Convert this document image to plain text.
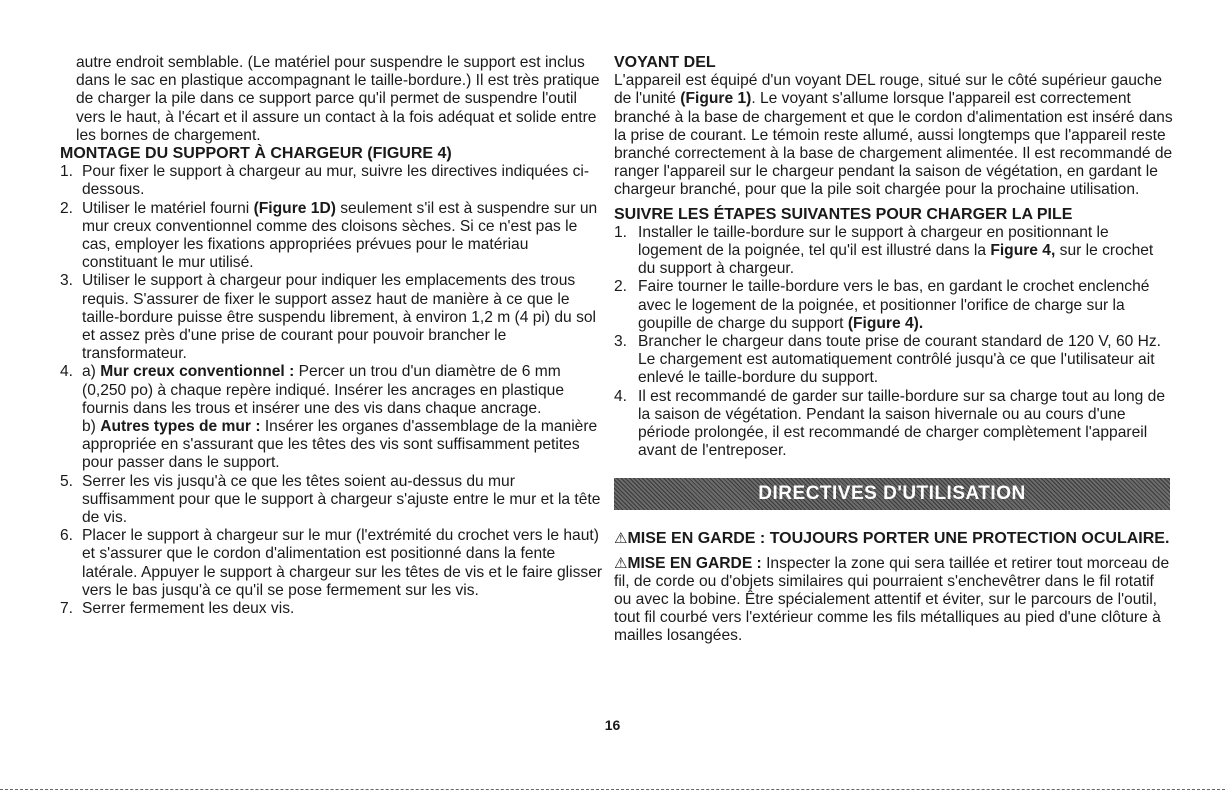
autre endroit semblable. (Le matériel pour suspendre le support est inclus dans le sac en plastique accompagnant le taille-bordure.) Il est très pratique de charger la pile dans ce support parce qu'il permet de suspendre l'outil vers le haut, à l'écart et il assure un contact à la fois adéquat et solide entre les bornes de chargement.

MONTAGE DU SUPPORT À CHARGEUR (FIGURE 4)

1. Pour fixer le support à chargeur au mur, suivre les directives indiquées ci-dessous.
2. Utiliser le matériel fourni (Figure 1D) seulement s'il est à suspendre sur un mur creux conventionnel comme des cloisons sèches. Si ce n'est pas le cas, employer les fixations appropriées prévues pour le matériau constituant le mur utilisé.
3. Utiliser le support à chargeur pour indiquer les emplacements des trous requis. S'assurer de fixer le support assez haut de manière à ce que le taille-bordure puisse être suspendu librement, à environ 1,2 m (4 pi) du sol et assez près d'une prise de courant pour pouvoir brancher le transformateur.
4. a) Mur creux conventionnel : Percer un trou d'un diamètre de 6 mm (0,250 po) à chaque repère indiqué. Insérer les ancrages en plastique fournis dans les trous et insérer une des vis dans chaque ancrage.
b) Autres types de mur : Insérer les organes d'assemblage de la manière appropriée en s'assurant que les têtes des vis sont suffisamment petites pour passer dans le support.
5. Serrer les vis jusqu'à ce que les têtes soient au-dessus du mur suffisamment pour que le support à chargeur s'ajuste entre le mur et la tête de vis.
6. Placer le support à chargeur sur le mur (l'extrémité du crochet vers le haut) et s'assurer que le cordon d'alimentation est positionné dans la fente latérale. Appuyer le support à chargeur sur les têtes de vis et le faire glisser vers le bas jusqu'à ce qu'il se pose fermement sur les vis.
7. Serrer fermement les deux vis.

VOYANT DEL

L'appareil est équipé d'un voyant DEL rouge, situé sur le côté supérieur gauche de l'unité (Figure 1). Le voyant s'allume lorsque l'appareil est correctement branché à la base de chargement et que le cordon d'alimentation est inséré dans la prise de courant. Le témoin reste allumé, aussi longtemps que l'appareil reste branché correctement à la base de chargement alimentée. Il est recommandé de ranger l'appareil sur le chargeur pendant la saison de végétation, en gardant le chargeur branché, pour que la pile soit chargée pour la prochaine utilisation.

SUIVRE LES ÉTAPES SUIVANTES POUR CHARGER LA PILE

1. Installer le taille-bordure sur le support à chargeur en positionnant le logement de la poignée, tel qu'il est illustré dans la Figure 4, sur le crochet du support à chargeur.
2. Faire tourner le taille-bordure vers le bas, en gardant le crochet enclenché avec le logement de la poignée, et positionner l'orifice de charge sur la goupille de charge du support (Figure 4).
3. Brancher le chargeur dans toute prise de courant standard de 120 V, 60 Hz. Le chargement est automatiquement contrôlé jusqu'à ce que l'utilisateur ait enlevé le taille-bordure du support.
4. Il est recommandé de garder sur taille-bordure sur sa charge tout au long de la saison de végétation. Pendant la saison hivernale ou au cours d'une période prolongée, il est recommandé de charger complètement l'appareil avant de l'entreposer.
DIRECTIVES D'UTILISATION

⚠MISE EN GARDE : TOUJOURS PORTER UNE PROTECTION OCULAIRE.

⚠MISE EN GARDE : Inspecter la zone qui sera taillée et retirer tout morceau de fil, de corde ou d'objets similaires qui pourraient s'enchevêtrer dans le fil rotatif ou avec la bobine. Être spécialement attentif et éviter, sur le parcours de l'outil, tout fil courbé vers l'extérieur comme les fils métalliques au pied d'une clôture à mailles losangées.

16
